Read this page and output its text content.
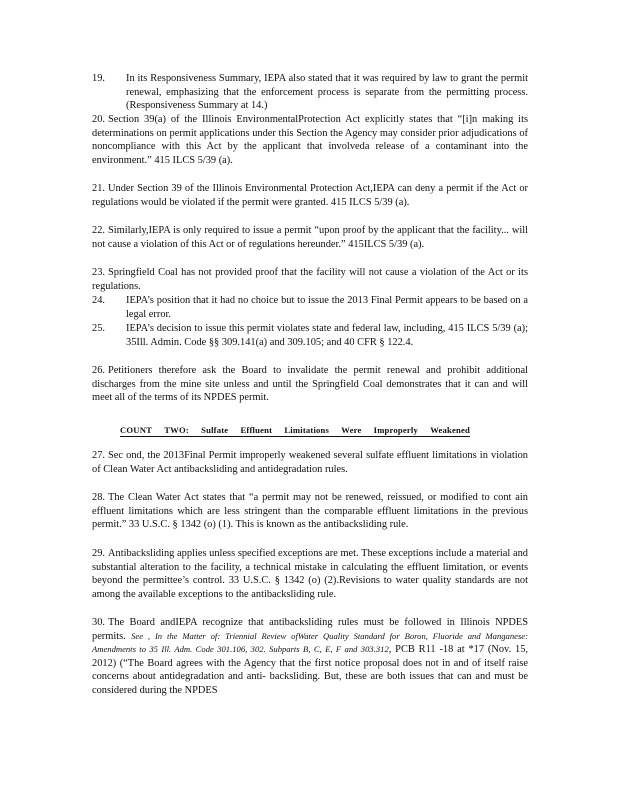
19.	In its Responsiveness Summary, IEPA also stated that it was required by law to grant the permit renewal, emphasizing that the enforcement process is separate from the permitting process. (Responsiveness Summary at 14.)
20. Section 39(a) of the Illinois EnvironmentalProtection Act explicitly states that “[i]n making its determinations on permit applications under this Section the Agency may consider prior adjudications of noncompliance with this Act by the applicant that involveda release of a contaminant into the environment.” 415 ILCS 5/39 (a).
21. Under Section 39 of the Illinois Environmental Protection Act,IEPA can deny a permit if the Act or regulations would be violated if the permit were granted. 415 ILCS 5/39 (a).
22. Similarly,IEPA is only required to issue a permit “upon proof by the applicant that the facility... will not cause a violation of this Act or of regulations hereunder.” 415ILCS 5/39 (a).
23. Springfield Coal has not provided proof that the facility will not cause a violation of the Act or its regulations.
24.	IEPA’s position that it had no choice but to issue the 2013 Final Permit appears to be based on a legal error.
25.	IEPA’s decision to issue this permit violates state and federal law, including, 415 ILCS 5/39 (a); 35Ill. Admin. Code §§ 309.141(a) and 309.105; and 40 CFR § 122.4.
26. Petitioners therefore ask the Board to invalidate the permit renewal and prohibit additional discharges from the mine site unless and until the Springfield Coal demonstrates that it can and will meet all of the terms of its NPDES permit.
COUNT TWO: Sulfate Effluent Limitations Were Improperly Weakened
27. Sec ond, the 2013Final Permit improperly weakened several sulfate effluent limitations in violation of Clean Water Act antibacksliding and antidegradation rules.
28. The Clean Water Act states that “a permit may not be renewed, reissued, or modified to cont ain effluent limitations which are less stringent than the comparable effluent limitations in the previous permit.” 33 U.S.C. § 1342 (o) (1). This is known as the antibacksliding rule.
29. Antibacksliding applies unless specified exceptions are met. These exceptions include a material and substantial alteration to the facility, a technical mistake in calculating the effluent limitation, or events beyond the permittee’s control. 33 U.S.C. § 1342 (o) (2).Revisions to water quality standards are not among the available exceptions to the antibacksliding rule.
30. The Board andIEPA recognize that antibacksliding rules must be followed in Illinois NPDES permits. See , In the Matter of: Triennial Review ofWater Quality Standard for Boron, Fluoride and Manganese: Amendments to 35 Ill. Adm. Code 301.106, 302. Subparts B, C, E, F and 303.312, PCB R11 -18 at *17 (Nov. 15, 2012) (“The Board agrees with the Agency that the first notice proposal does not in and of itself raise concerns about antidegradation and anti- backsliding. But, these are both issues that can and must be considered during the NPDES
